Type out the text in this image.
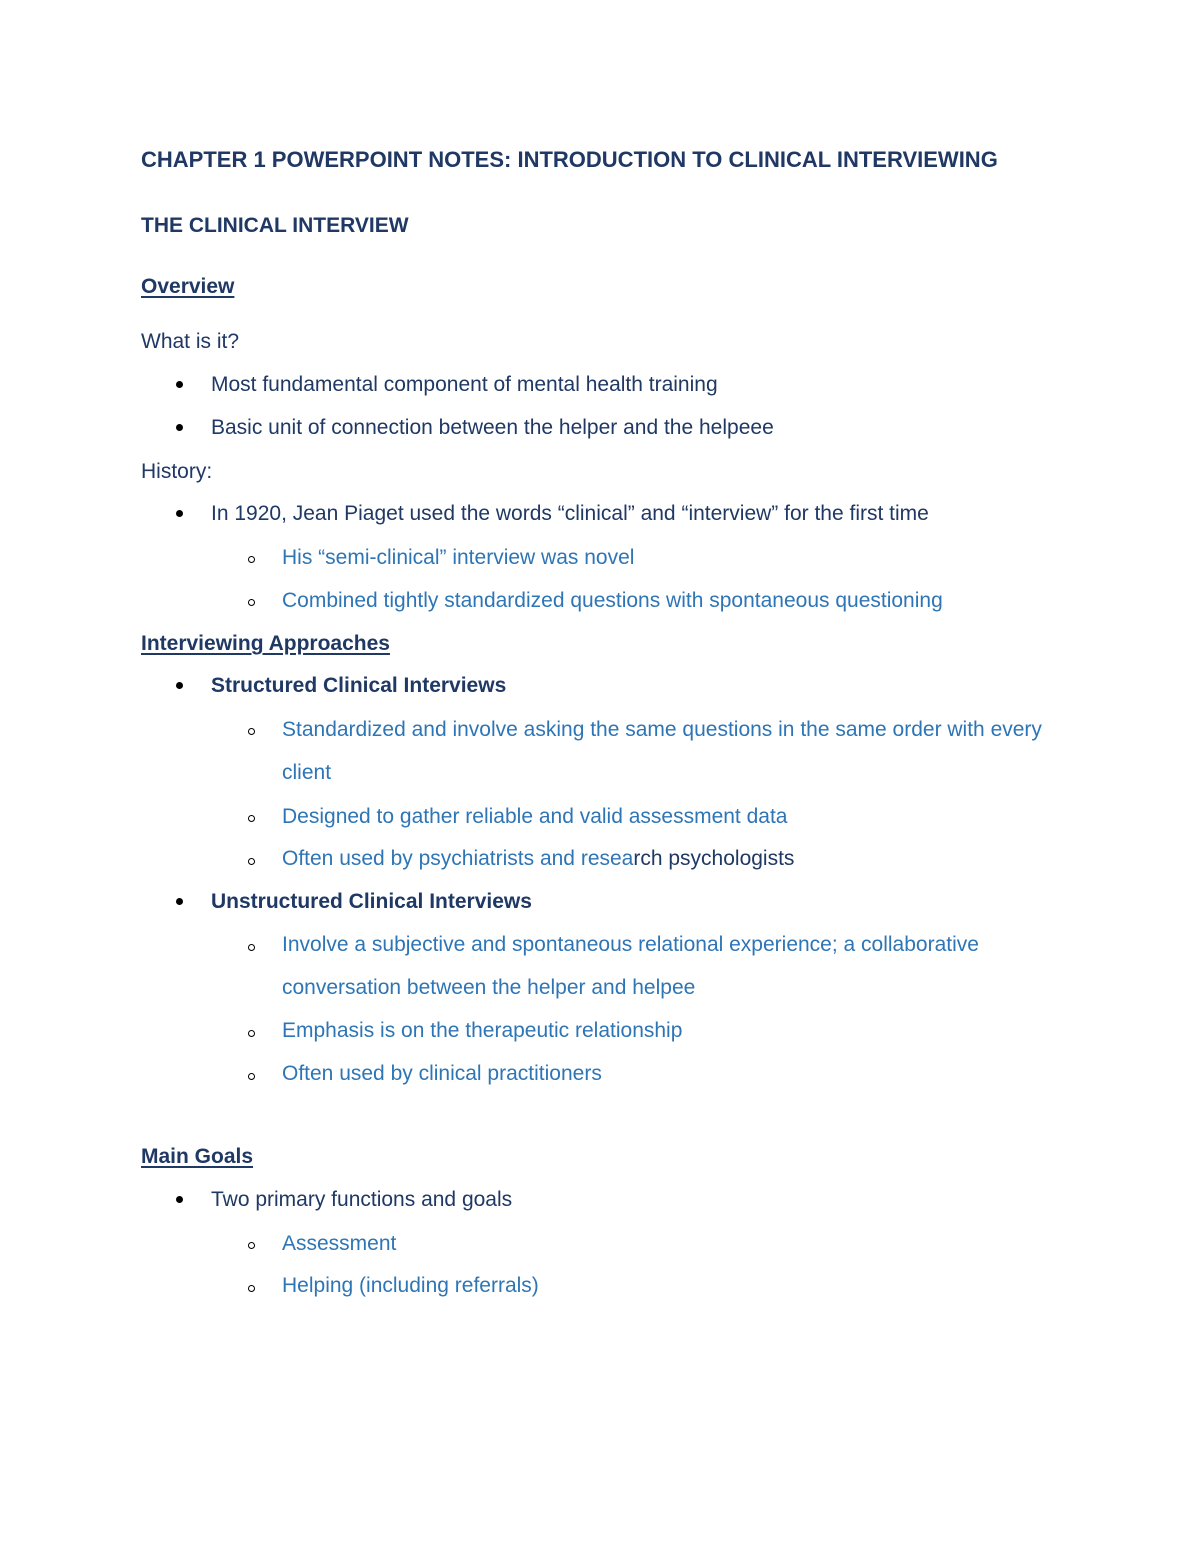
CHAPTER 1 POWERPOINT NOTES: INTRODUCTION TO CLINICAL INTERVIEWING
THE CLINICAL INTERVIEW
Overview
What is it?
Most fundamental component of mental health training
Basic unit of connection between the helper and the helpeee
History:
In 1920, Jean Piaget used the words “clinical” and “interview” for the first time
His “semi-clinical” interview was novel
Combined tightly standardized questions with spontaneous questioning
Interviewing Approaches
Structured Clinical Interviews
Standardized and involve asking the same questions in the same order with every
client
Designed to gather reliable and valid assessment data
Often used by psychiatrists and research psychologists
Unstructured Clinical Interviews
Involve a subjective and spontaneous relational experience; a collaborative
conversation between the helper and helpee
Emphasis is on the therapeutic relationship
Often used by clinical practitioners
Main Goals
Two primary functions and goals
Assessment
Helping (including referrals)
